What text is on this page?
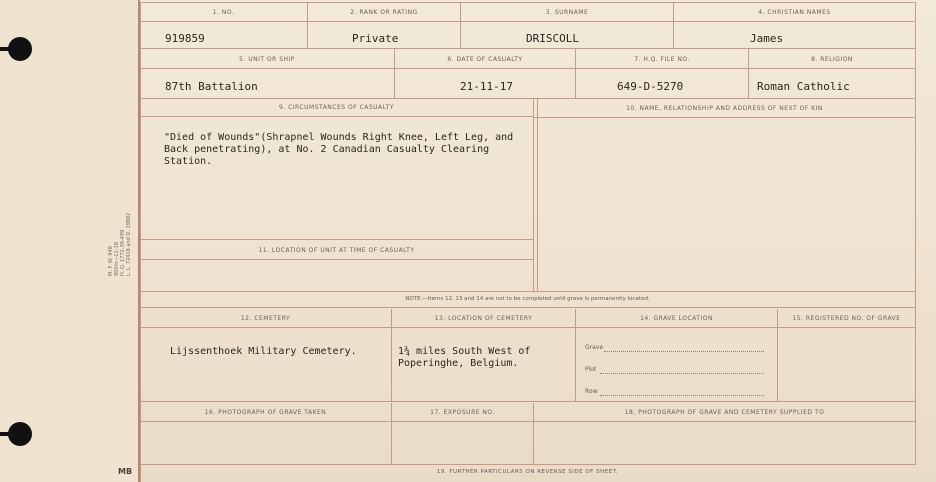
M. F. W. 948 950m—12-18 H. Q. 1772-39-499 L. L. 72418 and D. 19882
MB
1. NO.
919859
2. RANK OR RATING
Private
3. SURNAME
DRISCOLL
4. CHRISTIAN NAMES
James
5. UNIT OR SHIP
87th Battalion
6. DATE OF CASUALTY
21-11-17
7. H.Q. FILE NO.
649-D-5270
8. RELIGION
Roman Catholic
9. CIRCUMSTANCES OF CASUALTY
"Died of Wounds"(Shrapnel Wounds Right Knee, Left Leg, and
Back penetrating), at No. 2 Canadian Casualty Clearing
Station.
11. LOCATION OF UNIT AT TIME OF CASUALTY
10. NAME, RELATIONSHIP AND ADDRESS OF NEXT OF KIN
NOTE.—Items 12, 13 and 14 are not to be completed until grave is permanently located.
12. CEMETERY
Lijssenthoek Military Cemetery.
13. LOCATION OF CEMETERY
1¾ miles South West of
Poperinghe, Belgium.
14. GRAVE LOCATION
Grave
Plot
Row
15. REGISTERED NO. OF GRAVE
16. PHOTOGRAPH OF GRAVE TAKEN	17. EXPOSURE NO.	18. PHOTOGRAPH OF GRAVE AND CEMETERY SUPPLIED TO
19. FURTHER PARTICULARS ON REVERSE SIDE OF SHEET.
